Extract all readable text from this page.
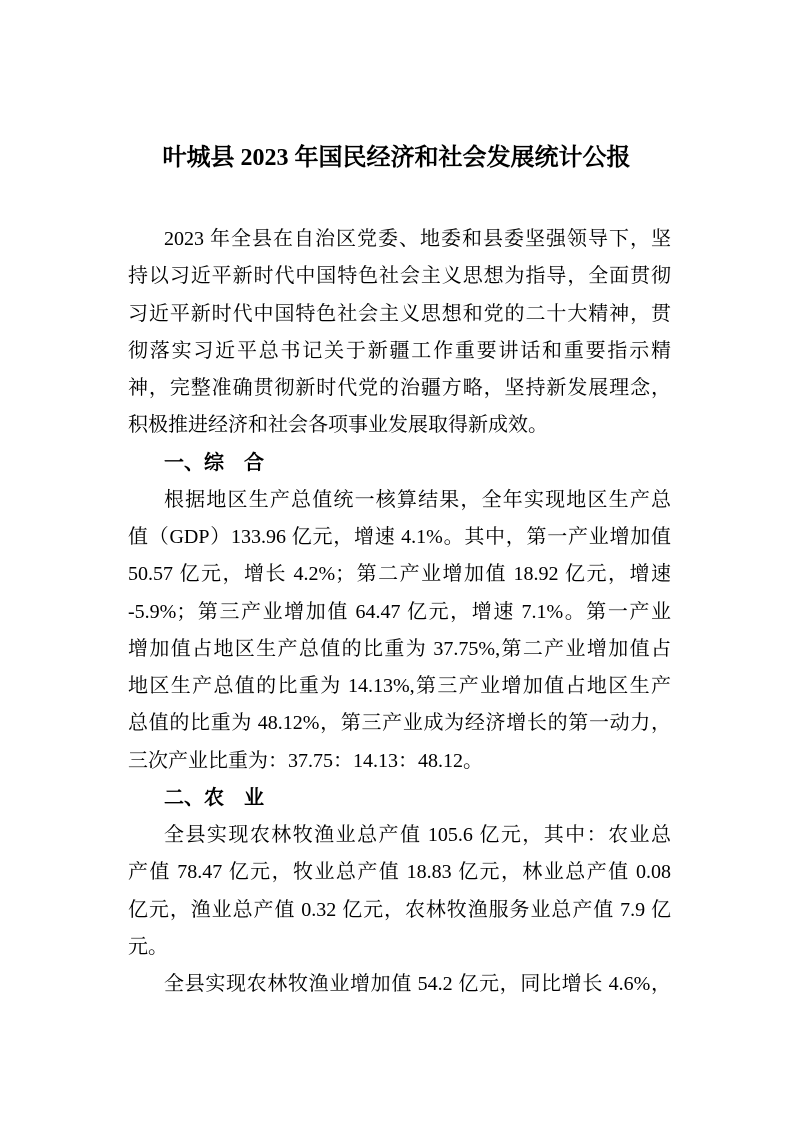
叶城县 2023 年国民经济和社会发展统计公报
2023 年全县在自治区党委、地委和县委坚强领导下，坚
持以习近平新时代中国特色社会主义思想为指导，全面贯彻
习近平新时代中国特色社会主义思想和党的二十大精神，贯
彻落实习近平总书记关于新疆工作重要讲话和重要指示精
神，完整准确贯彻新时代党的治疆方略，坚持新发展理念，
积极推进经济和社会各项事业发展取得新成效。
一、综　合
根据地区生产总值统一核算结果，全年实现地区生产总
值（GDP）133.96 亿元，增速 4.1%。其中，第一产业增加值
50.57 亿元，增长 4.2%；第二产业增加值 18.92 亿元，增速
-5.9%；第三产业增加值 64.47 亿元，增速 7.1%。第一产业
增加值占地区生产总值的比重为 37.75%,第二产业增加值占
地区生产总值的比重为 14.13%,第三产业增加值占地区生产
总值的比重为 48.12%，第三产业成为经济增长的第一动力，
三次产业比重为：37.75：14.13：48.12。
二、农　业
全县实现农林牧渔业总产值 105.6 亿元，其中：农业总
产值 78.47 亿元，牧业总产值 18.83 亿元，林业总产值 0.08
亿元，渔业总产值 0.32 亿元，农林牧渔服务业总产值 7.9 亿
元。
全县实现农林牧渔业增加值 54.2 亿元，同比增长 4.6%，
